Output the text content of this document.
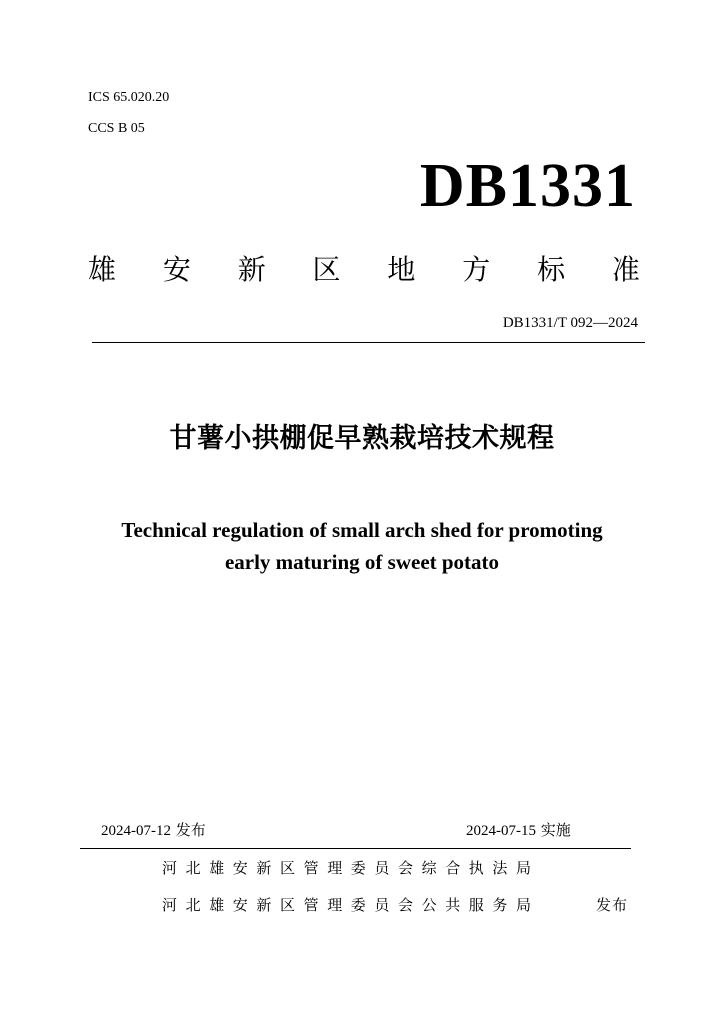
ICS 65.020.20
CCS B 05
DB1331
雄 安 新 区 地 方 标 准
DB1331/T 092—2024
甘薯小拱棚促早熟栽培技术规程
Technical regulation of small arch shed for promoting
early maturing of sweet potato
2024-07-12 发布	2024-07-15 实施
河北雄安新区管理委员会综合执法局
河北雄安新区管理委员会公共服务局	发布
